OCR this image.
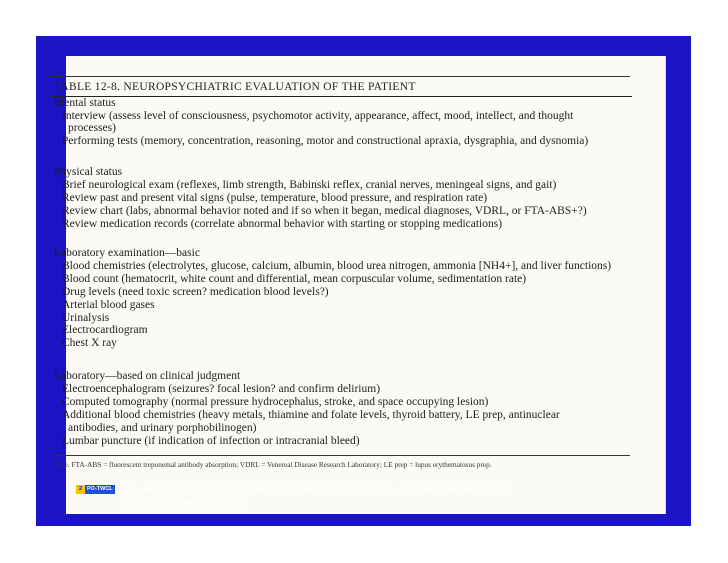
TABLE 12-8. NEUROPSYCHIATRIC EVALUATION OF THE PATIENT
Mental status
Interview (assess level of consciousness, psychomotor activity, appearance, affect, mood, intellect, and thought
processes)
Performing tests (memory, concentration, reasoning, motor and constructional apraxia, dysgraphia, and dysnomia)
Physical status
Brief neurological exam (reflexes, limb strength, Babinski reflex, cranial nerves, meningeal signs, and gait)
Review past and present vital signs (pulse, temperature, blood pressure, and respiration rate)
Review chart (labs, abnormal behavior noted and if so when it began, medical diagnoses, VDRL, or FTA-ABS+?)
Review medication records (correlate abnormal behavior with starting or stopping medications)
Laboratory examination—basic
Blood chemistries (electrolytes, glucose, calcium, albumin, blood urea nitrogen, ammonia [NH4+], and liver functions)
Blood count (hematocrit, white count and differential, mean corpuscular volume, sedimentation rate)
Drug levels (need toxic screen? medication blood levels?)
Arterial blood gases
Urinalysis
Electrocardiogram
Chest X ray
Laboratory—based on clinical judgment
Electroencephalogram (seizures? focal lesion? and confirm delirium)
Computed tomography (normal pressure hydrocephalus, stroke, and space occupying lesion)
Additional blood chemistries (heavy metals, thiamine and folate levels, thyroid battery, LE prep, antinuclear
antibodies, and urinary porphobilinogen)
Lumbar puncture (if indication of infection or intracranial bleed)
Note. FTA-ABS = fluorescent treponemal antibody absorption; VDRL = Venereal Disease Research Laboratory; LE prep = lupus erythematosus prep.
2 PO-TWCL	Wise MG, Brandt GT. Delirium. In Yudofsky SC, Hales RE. Neuropsychiatry, 2nd Edition. Washington, D.C.,
American Psychiatric Press, 1992.
